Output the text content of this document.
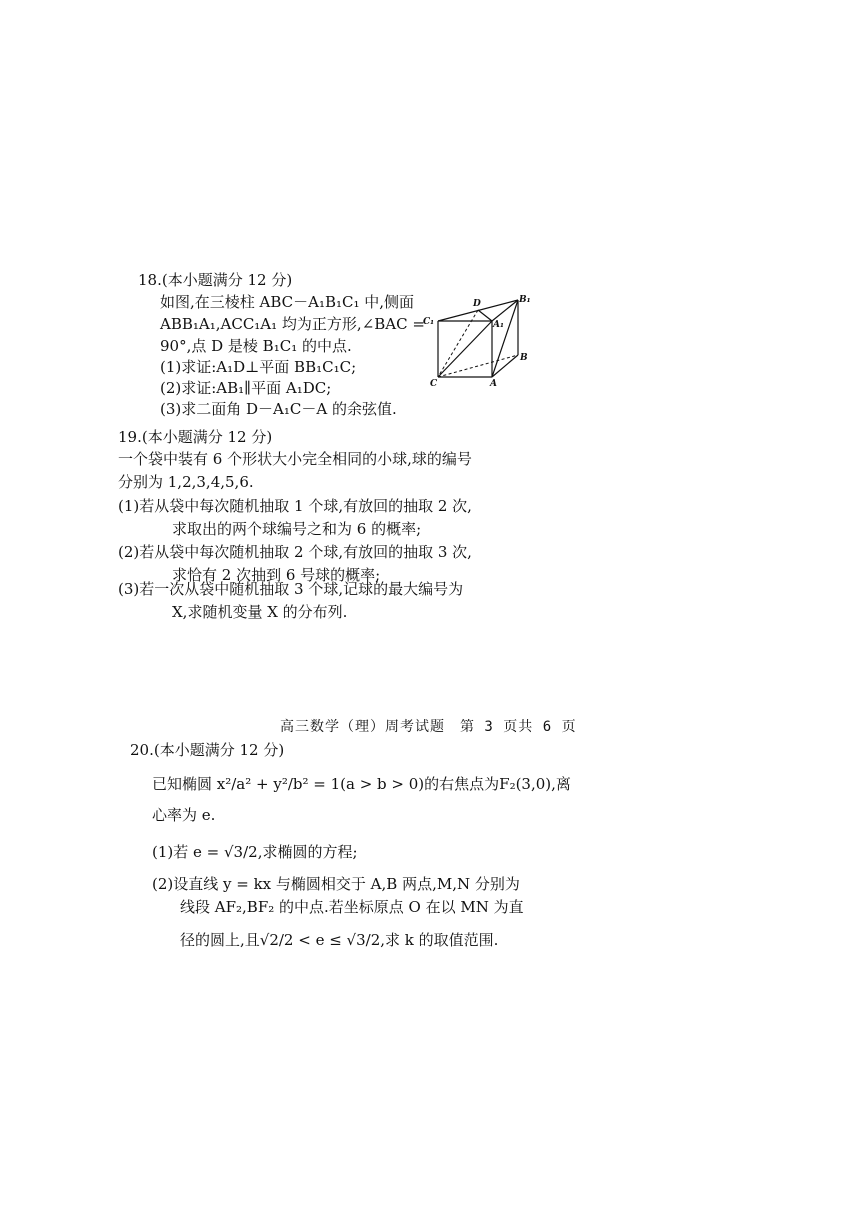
18.(本小题满分 12 分)
如图,在三棱柱 ABC－A₁B₁C₁ 中,侧面
ABB₁A₁,ACC₁A₁ 均为正方形,∠BAC =
90°,点 D 是棱 B₁C₁ 的中点.
(1)求证:A₁D⊥平面 BB₁C₁C;
(2)求证:AB₁∥平面 A₁DC;
(3)求二面角 D－A₁C－A 的余弦值.
D	B₁
C₁	A₁
B
C	A
19.(本小题满分 12 分)
一个袋中装有 6 个形状大小完全相同的小球,球的编号
分别为 1,2,3,4,5,6.
(1)若从袋中每次随机抽取 1 个球,有放回的抽取 2 次,
求取出的两个球编号之和为 6 的概率;
(2)若从袋中每次随机抽取 2 个球,有放回的抽取 3 次,
求恰有 2 次抽到 6 号球的概率;
(3)若一次从袋中随机抽取 3 个球,记球的最大编号为
X,求随机变量 X 的分布列.
高三数学（理）周考试题　第 3 页共 6 页
20.(本小题满分 12 分)
已知椭圆 x²/a² + y²/b² = 1(a > b > 0)的右焦点为F₂(3,0),离
心率为 e.
(1)若 e = √3/2,求椭圆的方程;
(2)设直线 y = kx 与椭圆相交于 A,B 两点,M,N 分别为
线段 AF₂,BF₂ 的中点.若坐标原点 O 在以 MN 为直
径的圆上,且√2/2 < e ≤ √3/2,求 k 的取值范围.
